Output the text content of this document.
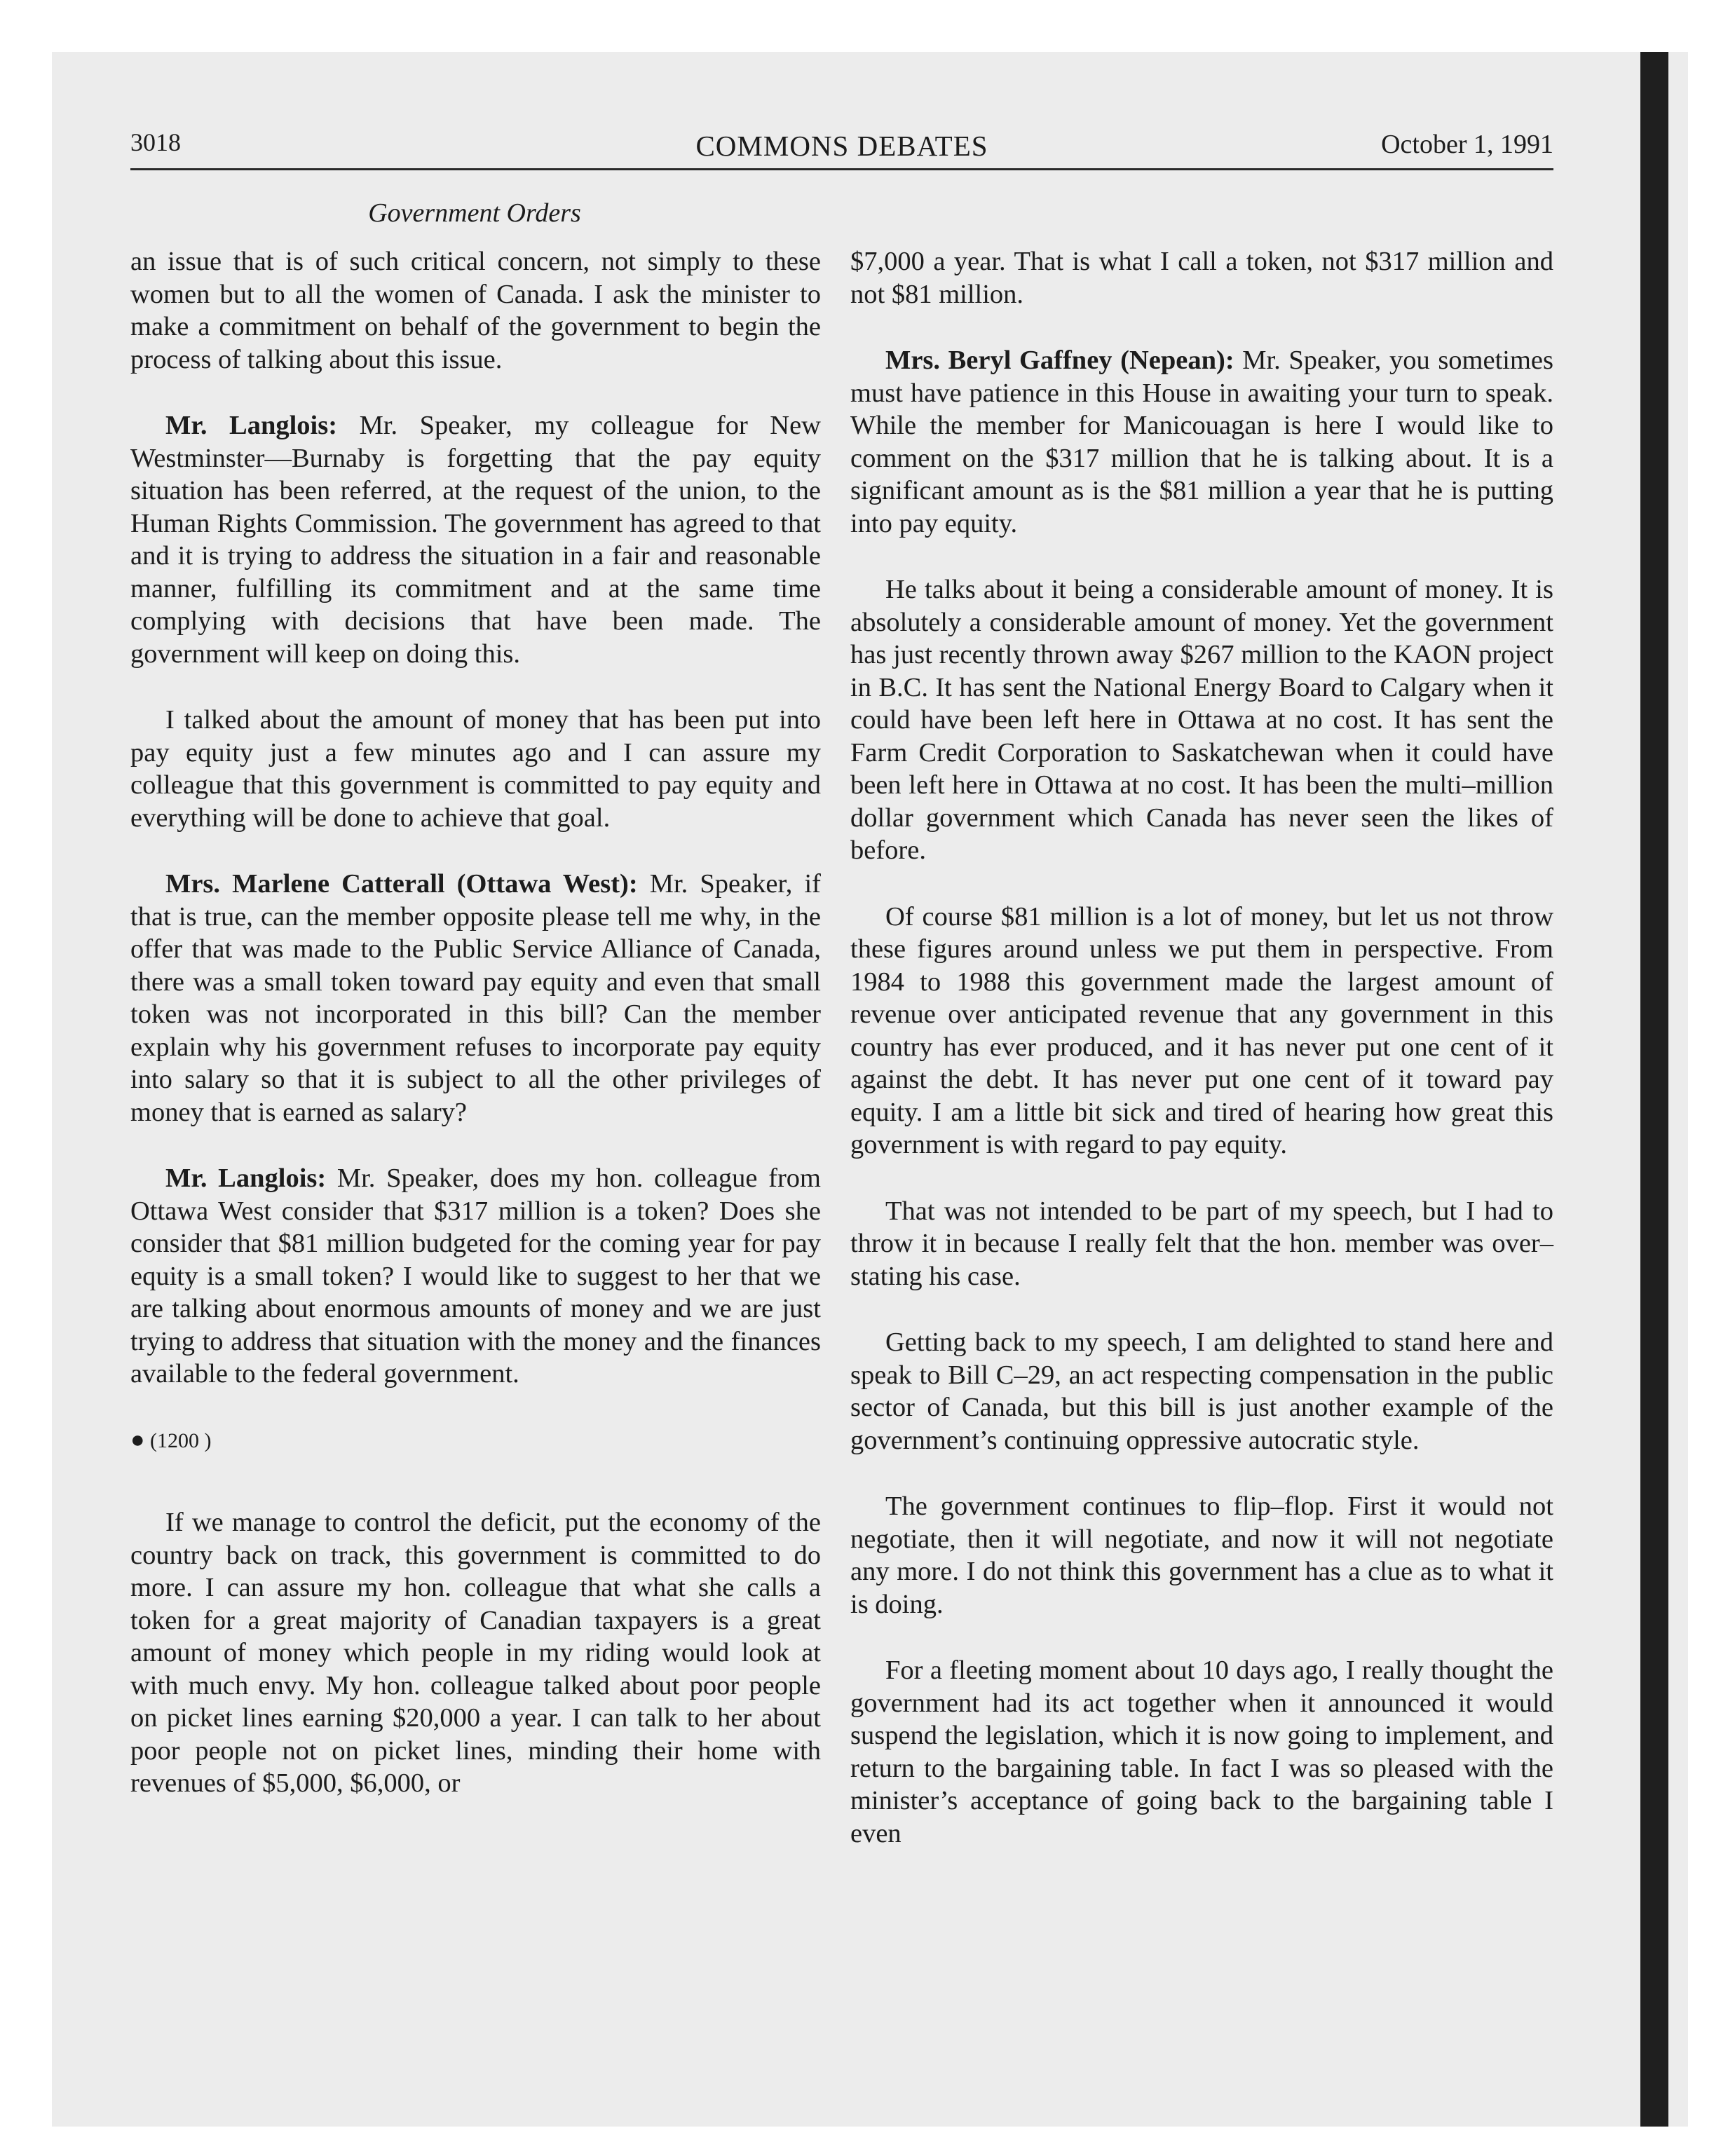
3018	COMMONS DEBATES	October 1, 1991
Government Orders

an issue that is of such critical concern, not simply to these women but to all the women of Canada. I ask the minister to make a commitment on behalf of the government to begin the process of talking about this issue.

Mr. Langlois: Mr. Speaker, my colleague for New Westminster—Burnaby is forgetting that the pay equity situation has been referred, at the request of the union, to the Human Rights Commission. The government has agreed to that and it is trying to address the situation in a fair and reasonable manner, fulfilling its commitment and at the same time complying with decisions that have been made. The government will keep on doing this.

I talked about the amount of money that has been put into pay equity just a few minutes ago and I can assure my colleague that this government is committed to pay equity and everything will be done to achieve that goal.

Mrs. Marlene Catterall (Ottawa West): Mr. Speaker, if that is true, can the member opposite please tell me why, in the offer that was made to the Public Service Alliance of Canada, there was a small token toward pay equity and even that small token was not incorporated in this bill? Can the member explain why his government refuses to incorporate pay equity into salary so that it is subject to all the other privileges of money that is earned as salary?

Mr. Langlois: Mr. Speaker, does my hon. colleague from Ottawa West consider that $317 million is a token? Does she consider that $81 million budgeted for the coming year for pay equity is a small token? I would like to suggest to her that we are talking about enormous amounts of money and we are just trying to address that situation with the money and the finances available to the federal government.

● (1200 )

If we manage to control the deficit, put the economy of the country back on track, this government is committed to do more. I can assure my hon. colleague that what she calls a token for a great majority of Canadian taxpayers is a great amount of money which people in my riding would look at with much envy. My hon. colleague talked about poor people on picket lines earning $20,000 a year. I can talk to her about poor people not on picket lines, minding their home with revenues of $5,000, $6,000, or

$7,000 a year. That is what I call a token, not $317 million and not $81 million.

Mrs. Beryl Gaffney (Nepean): Mr. Speaker, you sometimes must have patience in this House in awaiting your turn to speak. While the member for Manicouagan is here I would like to comment on the $317 million that he is talking about. It is a significant amount as is the $81 million a year that he is putting into pay equity.

He talks about it being a considerable amount of money. It is absolutely a considerable amount of money. Yet the government has just recently thrown away $267 million to the KAON project in B.C. It has sent the National Energy Board to Calgary when it could have been left here in Ottawa at no cost. It has sent the Farm Credit Corporation to Saskatchewan when it could have been left here in Ottawa at no cost. It has been the multi–million dollar government which Canada has never seen the likes of before.

Of course $81 million is a lot of money, but let us not throw these figures around unless we put them in perspective. From 1984 to 1988 this government made the largest amount of revenue over anticipated revenue that any government in this country has ever produced, and it has never put one cent of it against the debt. It has never put one cent of it toward pay equity. I am a little bit sick and tired of hearing how great this government is with regard to pay equity.

That was not intended to be part of my speech, but I had to throw it in because I really felt that the hon. member was over–stating his case.

Getting back to my speech, I am delighted to stand here and speak to Bill C–29, an act respecting compensation in the public sector of Canada, but this bill is just another example of the government’s continuing oppressive autocratic style.

The government continues to flip–flop. First it would not negotiate, then it will negotiate, and now it will not negotiate any more. I do not think this government has a clue as to what it is doing.

For a fleeting moment about 10 days ago, I really thought the government had its act together when it announced it would suspend the legislation, which it is now going to implement, and return to the bargaining table. In fact I was so pleased with the minister’s acceptance of going back to the bargaining table I even
